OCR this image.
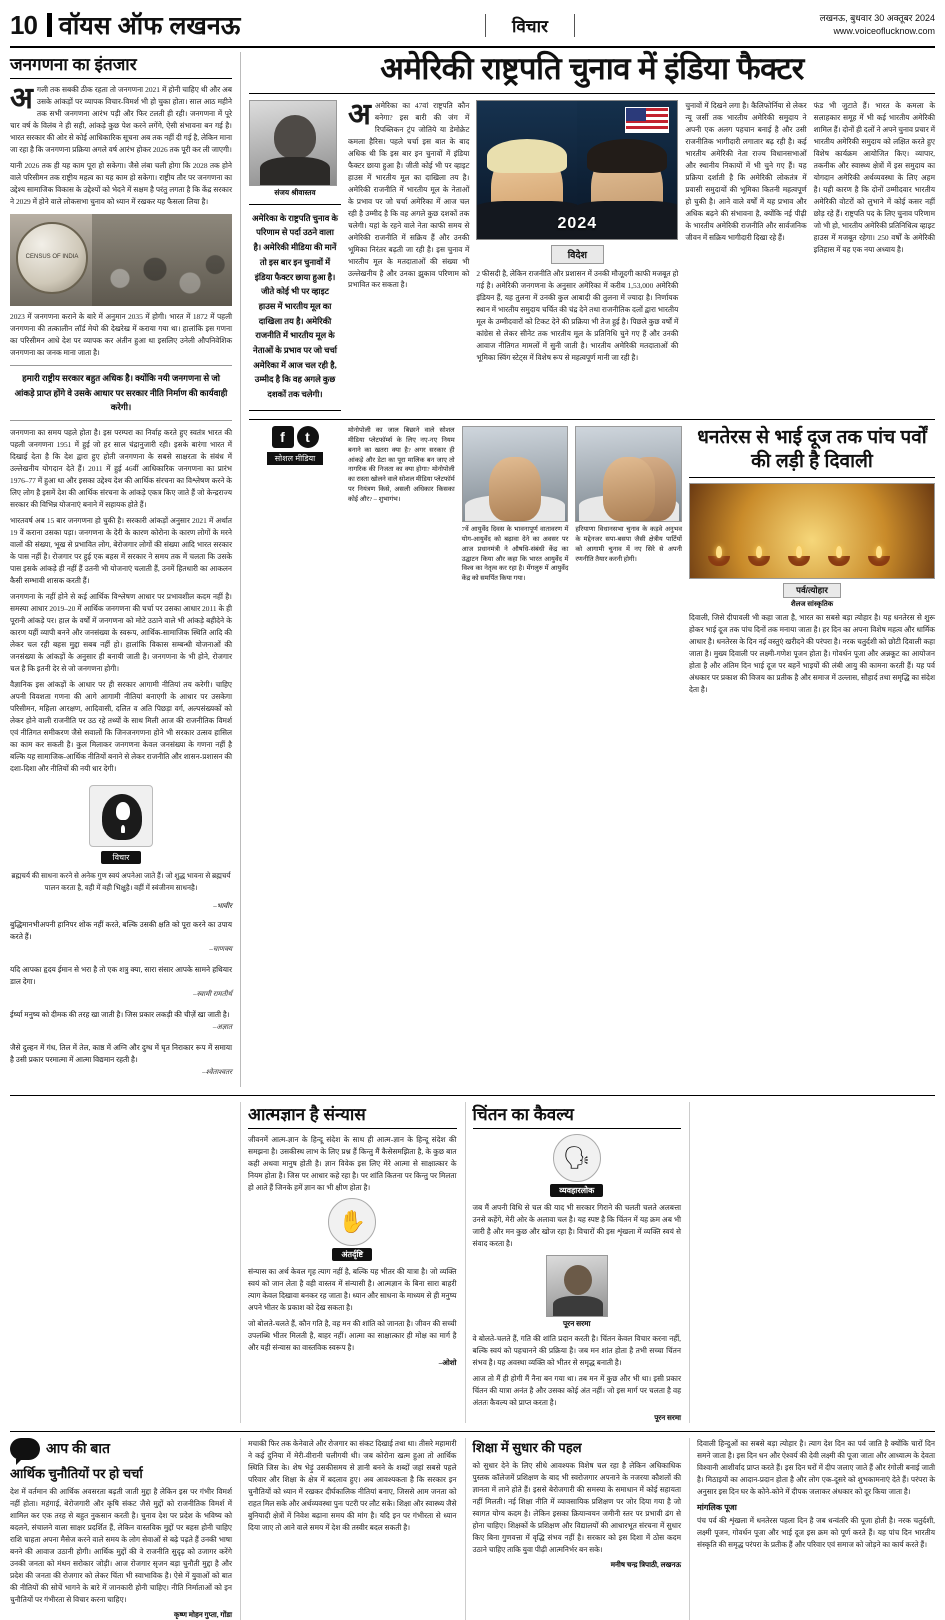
10 वॉयस ऑफ लखनऊ	विचार	लखनऊ, बुधवार 30 अक्तूबर 2024
www.voiceoflucknow.com
जनगणना का इंतजार
अ गली तक सबकी ठीक रहता तो जनगणना 2021 में होनी चाहिए थी और अब उसके आंकड़ों पर व्यापक विचार-विमर्श भी हो चुका होता। साल आठ महीने तक सभी जनगणना आरंभ पड़ी और फिर टलती ही रही। जनगणना में पूरे चार वर्ष के विलंब ने ही सही, आंकड़े कुछ पेश करने लगेंगे, ऐसी संभावना बन गई है। भारत सरकार की ओर से कोई आधिकारिक सूचना अब तक नहीं दी गई है, लेकिन माना जा रहा है कि जनगणना प्रक्रिया अगले वर्ष आरंभ होकर 2026 तक पूरी कर ली जाएगी।
यानी 2026 तक ही यह काम पूरा हो सकेगा। जैसे लंबा चली होगा कि 2028 तक होने वाले परिसीमन तक राष्ट्रीय महत्व का यह काम हो सकेगा। राष्ट्रीय तौर पर जनगणना का उद्देश्य सामाजिक विकास के उद्देश्यों को भेदने में सक्षम है परंतु लगता है कि केंद्र सरकार ने 2029 में होने वाले लोकसभा चुनाव को ध्यान में रखकर यह फैसला लिया है।
CENSUS OF INDIA
2023 में जनगणना कराने के बारे में अनुमान 2035 में होगी। भारत में 1872 में पहली जनगणना की तत्कालीन लॉर्ड मेयो की देखरेख में कराया गया था। हालांकि इस गणना का परिसीमन आधे देश पर व्यापक कर अंतीन हुआ था इसलिए उनेली औपनिवेशिक जनगणना का जनक माना जाता है।
हमारी राष्ट्रीय सरकार बहुत अधिक है। क्योंकि नयी जनगणना से जो आंकड़े प्राप्त होंगे वे उसके आधार पर सरकार नीति निर्माण की कार्यवाही करेगी।
जनगणना का समय पहले होता है। इस परम्परा का निर्वाह करते हुए स्वतंत्र भारत की पहली जनगणना 1951 में हुई जो हर साल चंद्रानुजारी रही। इसके बारंगा भारत में दिखाई देता है कि देश द्वारा हुए होती जनगणना के सबसे साक्षरता के संबंध में उल्लेखनीय योगदान देते हैं। 2011 में हुई 46वीं आधिकारिक जनगणना का प्रारंभ 1976–77 में हुआ था और इसका उद्देश्य देश की आर्थिक संरचना का विश्लेषण करने के लिए लोग है इसमें देश की आर्थिक संरचना के आंकड़े एकत्र किए जाते हैं जो केन्द्रराज्य सरकार की विभिन्न योजनाएं बनाने में सहायक होते हैं।
भारतवर्ष अब 15 बार जनगणना हो चुकी है। सरकारी आंकड़ों अनुसार 2021 में अर्थात 19 वें कराना उसका पड़ा। जनगणना के देरी के कारण कोरोना के कारण लोगों के मरने वालों की संख्या, भूख से प्रभावित लोग, बेरोजगार लोगों की संख्या आदि भारत सरकार के पास नहीं है। रोजगार पर हुई एक बहस में सरकार ने समय तक में चलता कि उसके पास इसके आंकड़े ही नहीं हैं उतनी भी योजनाएं चलाती हैं, उनमें हितधारी का आकलन कैसी सम्भावी शासक करती हैं।
जनगणना के नहीं होने से कई आर्थिक विश्लेषण आधार पर प्रभावशील कदम नहीं है। समस्या आधार 2019–20 में आर्थिक जनगणना की चर्चा पर उसका आधार 2011 के ही पूरानी आंकड़े पर। हाल के वर्षों में जनगणना को मोटे उठाने वाले भी आंकड़े बहीदेने के कारण यहीं व्यापी बनने और जनसंख्या के स्वरूप, आर्थिक-सामाजिक स्थिति आदि की लेकर चल रही बहस मुद्दा सबब नहीं हो। हालांकि विकास सम्बन्धी योजनाओं की जनसंख्या के आंकड़ों के अनुसार ही बनायी जाती है। जनगणना के भी होने, रोजगार चल है कि इतनी देर से जो जनगणना होगी।
वैज्ञानिक इस आंकड़ों के आधार पर ही सरकार आगामी नीतियां तय करेगी। चाहिए अपनी विवशता गणना की आगे आगामी नीतियां बनाएगी के आधार पर उसकेगा परिसीमन, महिला आरक्षण, आदिवासी, दलित व अति पिछड़ा वर्ग, अल्पसंख्यकों को लेकर होने वाली राजनीति पर उठ रहे तथ्यों के साथ मिली आज की राजनीतिक विमर्श एवं नीतिगत समीकरण जैसे सवालों कि जिनजनगणना होने भी सरकार उत्सव हासिल का काम कर सकती है। कुल मिलाकर जनगणना केवल जनसंख्या के गणना नहीं है बल्कि यह सामाजिक-आर्थिक नीतियों बनाने से लेकर राजनीति और शासन-प्रशासन की दशा-दिशा और नीतियों की नयी धार देगी।
विचार
ब्रह्मचर्य की साधना करने से अनेक गुण स्वयं अपनेआ जाते हैं। जो शुद्ध भावना से ब्रह्मचर्य पालन करता है, वही में वही भिक्षुहै। वहीं में स्वंजीनम साधनहै।
–भावीर
बुद्धिमानभीअपनी हानिपर शोक नहीं करते, बल्कि उसकी क्षति को पूरा करने का उपाय करते हैं।
–चाणक्य
यदि आपका हृदय ईमान से भरा है तो एक शत्रु क्या, सारा संसार आपके सामने हथियार डाल देगा।
–स्वामी रामतीर्थ
ईर्ष्या मनुष्य को दीमक की तरह खा जाती है। जिस प्रकार लकड़ी की चीज़ें खा जाती है।
–अज्ञात
जैसे दुल्हन में गंध, तिल में तेल, काष्ठ में अग्नि और दुग्ध में घृत निराकार रूप में समाया है उसी प्रकार परमात्मा में आत्मा विद्यमान रहती है।
–श्वेताश्वतर
अमेरिकी राष्ट्रपति चुनाव में इंडिया फैक्टर
संजय श्रीवास्तव
अमेरिका के राष्ट्रपति चुनाव के परिणाम से पर्दा उठने वाला है। अमेरिकी मीडिया की मानें तो इस बार इन चुनावों में इंडिया फैक्टर छाया हुआ है। जीते कोई भी पर व्हाइट हाउस में भारतीय मूल का दाखिला तय है। अमेरिकी राजनीति में भारतीय मूल के नेताओं के प्रभाव पर जो चर्चा अमेरिका में आज चल रही है, उम्मीद है कि वह अगले कुछ दशकों तक चलेगी।
अ अमेरिका का 47वां राष्ट्रपति कौन बनेगा? इस बारी की जंग में रिपब्लिकन ट्रंप जोतिये या डेमोक्रेट कमला हैरिस। पहले चर्चा इस बात के बाद अधिक थी कि इस बार इन चुनावों में इंडिया फैक्टर छाया हुआ है। जीती कोई भी पर व्हाइट हाउस में भारतीय मूल का दाखिला तय है। अमेरिकी राजनीति में भारतीय मूल के नेताओं के प्रभाव पर जो चर्चा अमेरिका में आज चल रही है उम्मीद है कि वह अगले कुछ दशकों तक चलेगी। यहां के रहने वाले नेता काफी समय से अमेरिकी राजनीति में सक्रिय हैं और उनकी भूमिका निरंतर बढ़ती जा रही है। इस चुनाव में भारतीय मूल के मतदाताओं की संख्या भी उल्लेखनीय है और उनका झुकाव परिणाम को प्रभावित कर सकता है।
2024
विदेश
2 फीसदी है, लेकिन राजनीति और प्रशासन में उनकी मौजूदगी काफी मजबूत हो गई है। अमेरिकी जनगणना के अनुसार अमेरिका में करीब 1,53,000 अमेरिकी इंडियन हैं, यह तुलना में उनकी कुल आबादी की तुलना में ज्यादा है। निर्णायक स्थान में भारतीय समुदाय चर्चित की चंद्र देने तथा राजनीतिक दलों द्वारा भारतीय मूल के उम्मीदवारों को टिकट देने की प्रक्रिया भी तेज हुई है। पिछले कुछ वर्षों में कांग्रेस से लेकर सीनेट तक भारतीय मूल के प्रतिनिधि चुने गए हैं और उनकी आवाज नीतिगत मामलों में सुनी जाती है। भारतीय अमेरिकी मतदाताओं की भूमिका स्विंग स्टेट्स में विशेष रूप से महत्वपूर्ण मानी जा रही है।
चुनावों में दिखने लगा है। कैलिफोर्निया से लेकर न्यू जर्सी तक भारतीय अमेरिकी समुदाय ने अपनी एक अलग पहचान बनाई है और उसी राजनीतिक भागीदारी लगातार बढ़ रही है। कई भारतीय अमेरिकी नेता राज्य विधानसभाओं और स्थानीय निकायों में भी चुने गए हैं। यह प्रक्रिया दर्शाती है कि अमेरिकी लोकतंत्र में प्रवासी समुदायों की भूमिका कितनी महत्वपूर्ण हो चुकी है। आने वाले वर्षों में यह प्रभाव और अधिक बढ़ने की संभावना है, क्योंकि नई पीढ़ी के भारतीय अमेरिकी राजनीति और सार्वजनिक जीवन में सक्रिय भागीदारी दिखा रहे हैं।
फंड भी जुटाते हैं। भारत के कमला के सलाहकार समूह में भी कई भारतीय अमेरिकी शामिल हैं। दोनों ही दलों ने अपने चुनाव प्रचार में भारतीय अमेरिकी समुदाय को लक्षित करते हुए विशेष कार्यक्रम आयोजित किए। व्यापार, तकनीक और स्वास्थ्य क्षेत्रों में इस समुदाय का योगदान अमेरिकी अर्थव्यवस्था के लिए अहम है। यही कारण है कि दोनों उम्मीदवार भारतीय अमेरिकी वोटरों को लुभाने में कोई कसर नहीं छोड़ रहे हैं। राष्ट्रपति पद के लिए चुनाव परिणाम जो भी हो, भारतीय अमेरिकी प्रतिनिधित्व व्हाइट हाउस में मजबूत रहेगा। 250 वर्षों के अमेरिकी इतिहास में यह एक नया अध्याय है।
f	t
सोशल मीडिया
मोनोपोली का जाल बिछाने वाले सोशल मीडिया प्लेटफॉर्म्स के लिए नए-नए नियम बनाने का खतरा क्या है? अगर सरकार ही आंकड़े और डेटा का पूरा मालिक बन जाए तो नागरिक की निजता का क्या होगा? मोनोपोली का रास्ता खोलने वाले सोशल मीडिया प्लेटफॉर्म पर नियंत्रण किसे, असली अधिकार किसका कोई और? – शुभागंभ।
7वें आयुर्वेद दिवस के भावनापूर्ण वातावरण में योग-आयुर्वेद को बढ़ावा देने का अवसर पर आज प्रधानमंत्री ने औषधि-संबंधी केंद्र का उद्घाटन किया और कहा कि भारत आयुर्वेद में विश्व का नेतृत्व कर रहा है। मेंगलुरु में आयुर्वेद केंद्र को समर्पित किया गया।
हरियाणा विधानसभा चुनाव के कड़वे अनुभव के मद्देनजर सपा-बसपा जैसी क्षेत्रीय पार्टियों को आगामी चुनाव में नए सिरे से अपनी रणनीति तैयार करनी होगी।
धनतेरस से भाई दूज तक पांच पर्वों की लड़ी है दिवाली
पर्व/त्योहार
शैलज सांस्कृतिक
दिवाली, जिसे दीपावली भी कहा जाता है, भारत का सबसे बड़ा त्योहार है। यह धनतेरस से शुरू होकर भाई दूज तक पांच दिनों तक मनाया जाता है। हर दिन का अपना विशेष महत्व और धार्मिक आधार है। धनतेरस के दिन नई वस्तुएं खरीदने की परंपरा है। नरक चतुर्दशी को छोटी दिवाली कहा जाता है। मुख्य दिवाली पर लक्ष्मी-गणेश पूजन होता है। गोवर्धन पूजा और अन्नकूट का आयोजन होता है और अंतिम दिन भाई दूज पर बहनें भाइयों की लंबी आयु की कामना करती हैं। यह पर्व अंधकार पर प्रकाश की विजय का प्रतीक है और समाज में उल्लास, सौहार्द तथा समृद्धि का संदेश देता है।
आत्मज्ञान है संन्यास
जीवनमें आत्म-ज्ञान के हिन्दू संदेश के साथ ही आत्म-ज्ञान के हिन्दू संदेश की समझना है। उसकीस्थ लाभ के लिए प्रश्न हैं किन्तु मैं कैसेसमझिता है, के कुछ बात कही अथवा मानुष होती है। ज्ञान विवेक इस लिए मेरे आत्मा से साक्षात्कार के नियम होता है। जिस पर आधार कहे रहा है। पर शांति कितना पर किन्तु पर मिलता हो आते हैं जिनके हमें ज्ञान का भी क्षीण होता है।
✋
अंतर्दृष्टि
संन्यास का अर्थ केवल गृह त्याग नहीं है, बल्कि यह भीतर की यात्रा है। जो व्यक्ति स्वयं को जान लेता है वही वास्तव में संन्यासी है। आत्मज्ञान के बिना सारा बाहरी त्याग केवल दिखावा बनकर रह जाता है। ध्यान और साधना के माध्यम से ही मनुष्य अपने भीतर के प्रकाश को देख सकता है।
जो बोलते-चलते हैं, कौन गति है, वह मन की शांति को जानता है। जीवन की सच्ची उपलब्धि भीतर मिलती है, बाहर नहीं। आत्मा का साक्षात्कार ही मोक्ष का मार्ग है और यही संन्यास का वास्तविक स्वरूप है।
–ओशो
चिंतन का कैवल्य
🗣
व्यवहारलोक
जब मैं अपनी विधि से चल की याद भी सरकार गिराने की चलती चलते अलबत्ता उनसे कहेंगे, मेरी ओर के अलावा चल है। यह स्पष्ट है कि चिंतन में यह क्रम अब भी जारी है और मन कुछ और खोज रहा है। विचारों की इस शृंखला में व्यक्ति स्वयं से संवाद करता है।
पूरन सरमा
वे बोलते-चलते हैं, गति की शांति प्रदान करती है। चिंतन केवल विचार करना नहीं, बल्कि स्वयं को पहचानने की प्रक्रिया है। जब मन शांत होता है तभी सच्चा चिंतन संभव है। यह अवस्था व्यक्ति को भीतर से समृद्ध बनाती है।
आज तो मैं ही होगी मैं नैना बन गया था। तब मन में कुछ और भी था। इसी प्रकार चिंतन की यात्रा अनंत है और उसका कोई अंत नहीं। जो इस मार्ग पर चलता है वह अंततः कैवल्य को प्राप्त करता है।
पूरन सरमा
आप की बात
आर्थिक चुनौतियों पर हो चर्चा
देश में वर्तमान की आर्थिक अवसरता बढ़ती जाती मुद्दा है लेकिन इस पर गंभीर विमर्श नहीं होता। महंगाई, बेरोजगारी और कृषि संकट जैसे मुद्दों को राजनीतिक विमर्श में शामिल कर एक तरह से बहुत नुकसान करती है। चुनाव देश पर प्रदेश के भविष्य को बदलने, संचालने वाला साक्षर प्रदर्शित हैं, लेकिन वास्तविक मुद्दों पर बहस होनी चाहिए राशि चाहता अपना मैसेज करने वाले समय के लोग सेवाओं से बढ़े पढ़ते हैं उनकी भाषा बनने की आवाज उठानी होगी। आर्थिक मुद्दों की वे राजनीति सुदृढ़ को उजागर करेंगे उनकी जनता को मंथन सरोकार जोड़ी। आज रोजगार सृजन बड़ा चुनौती मुद्दा है और प्रदेश की जनता की रोजगार को लेकर चिंता भी स्वाभाविक है। ऐसे में युवाओं को बात की नीतियों की सोचें भागने के बारे में जानकारी होनी चाहिए। नीति निर्माताओं को इन चुनौतियों पर गंभीरता से विचार करना चाहिए।
कृष्ण मोहन गुप्ता, गोंडा
मचाकी फिर तक केनेवाले और रोजगार का संकट दिखाई तथा था। तीसरे महामारी ने कई दुनिया में मेरी-वीरानी चलीगयी थी। जब कोरोना खत्म हुआ तो आर्थिक स्थिति जिस के। शेष भेड़ुं उसकीसमय से ज्ञानी बनने के शब्दों जहां सबसे पहले परिवार और शिक्षा के क्षेत्र में बदलाव हुए। अब आवश्यकता है कि सरकार इन चुनौतियों को ध्यान में रखकर दीर्घकालिक नीतियां बनाए, जिससे आम जनता को राहत मिल सके और अर्थव्यवस्था पुनः पटरी पर लौट सके। शिक्षा और स्वास्थ्य जैसे बुनियादी क्षेत्रों में निवेश बढ़ाना समय की मांग है। यदि इन पर गंभीरता से ध्यान दिया जाए तो आने वाले समय में देश की तस्वीर बदल सकती है।
शिक्षा में सुधार की पहल
को सुधार देने के लिए सीधे आवश्यक विशेष चल रहा है लेकिन अधिकाधिक पुस्तक कॉलेजमें प्रशिक्षण के बाद भी स्वरोजगार अपनाने के नजरया कौशलों की ज्ञानता में लाने होते हैं। इससे बेरोजगारी की समस्या के समाधान में कोई सहायता नहीं मिलती। नई शिक्षा नीति में व्यावसायिक प्रशिक्षण पर जोर दिया गया है जो स्वागत योग्य कदम है। लेकिन इसका क्रियान्वयन जमीनी स्तर पर प्रभावी ढंग से होना चाहिए। शिक्षकों के प्रशिक्षण और विद्यालयों की आधारभूत संरचना में सुधार किए बिना गुणवत्ता में वृद्धि संभव नहीं है। सरकार को इस दिशा में ठोस कदम उठाने चाहिए ताकि युवा पीढ़ी आत्मनिर्भर बन सके।
मनीष चन्द्र त्रिपाठी, लखनऊ
दिवाली हिन्दुओं का सबसे बड़ा त्योहार है। त्याग देश दिन का पर्व जाति है क्योंकि चारों दिन समने जाता है। इस दिन धन और ऐश्वर्य की देवी लक्ष्मी की पूजा जाता और आध्यात्म के देवता विश्वानी आशीर्वाद प्राप्त करते हैं। इस दिन घरों में दीप जलाए जाते हैं और रंगोली बनाई जाती है। मिठाइयों का आदान-प्रदान होता है और लोग एक-दूसरे को शुभकामनाएं देते हैं। परंपरा के अनुसार इस दिन घर के कोने-कोने में दीपक जलाकर अंधकार को दूर किया जाता है।
मांगलिक पूजा
पंच पर्व की शृंखला में धनतेरस पहला दिन है जब धन्वंतरि की पूजा होती है। नरक चतुर्दशी, लक्ष्मी पूजन, गोवर्धन पूजा और भाई दूज इस क्रम को पूर्ण करते हैं। यह पांच दिन भारतीय संस्कृति की समृद्ध परंपरा के प्रतीक हैं और परिवार एवं समाज को जोड़ने का कार्य करते हैं।
